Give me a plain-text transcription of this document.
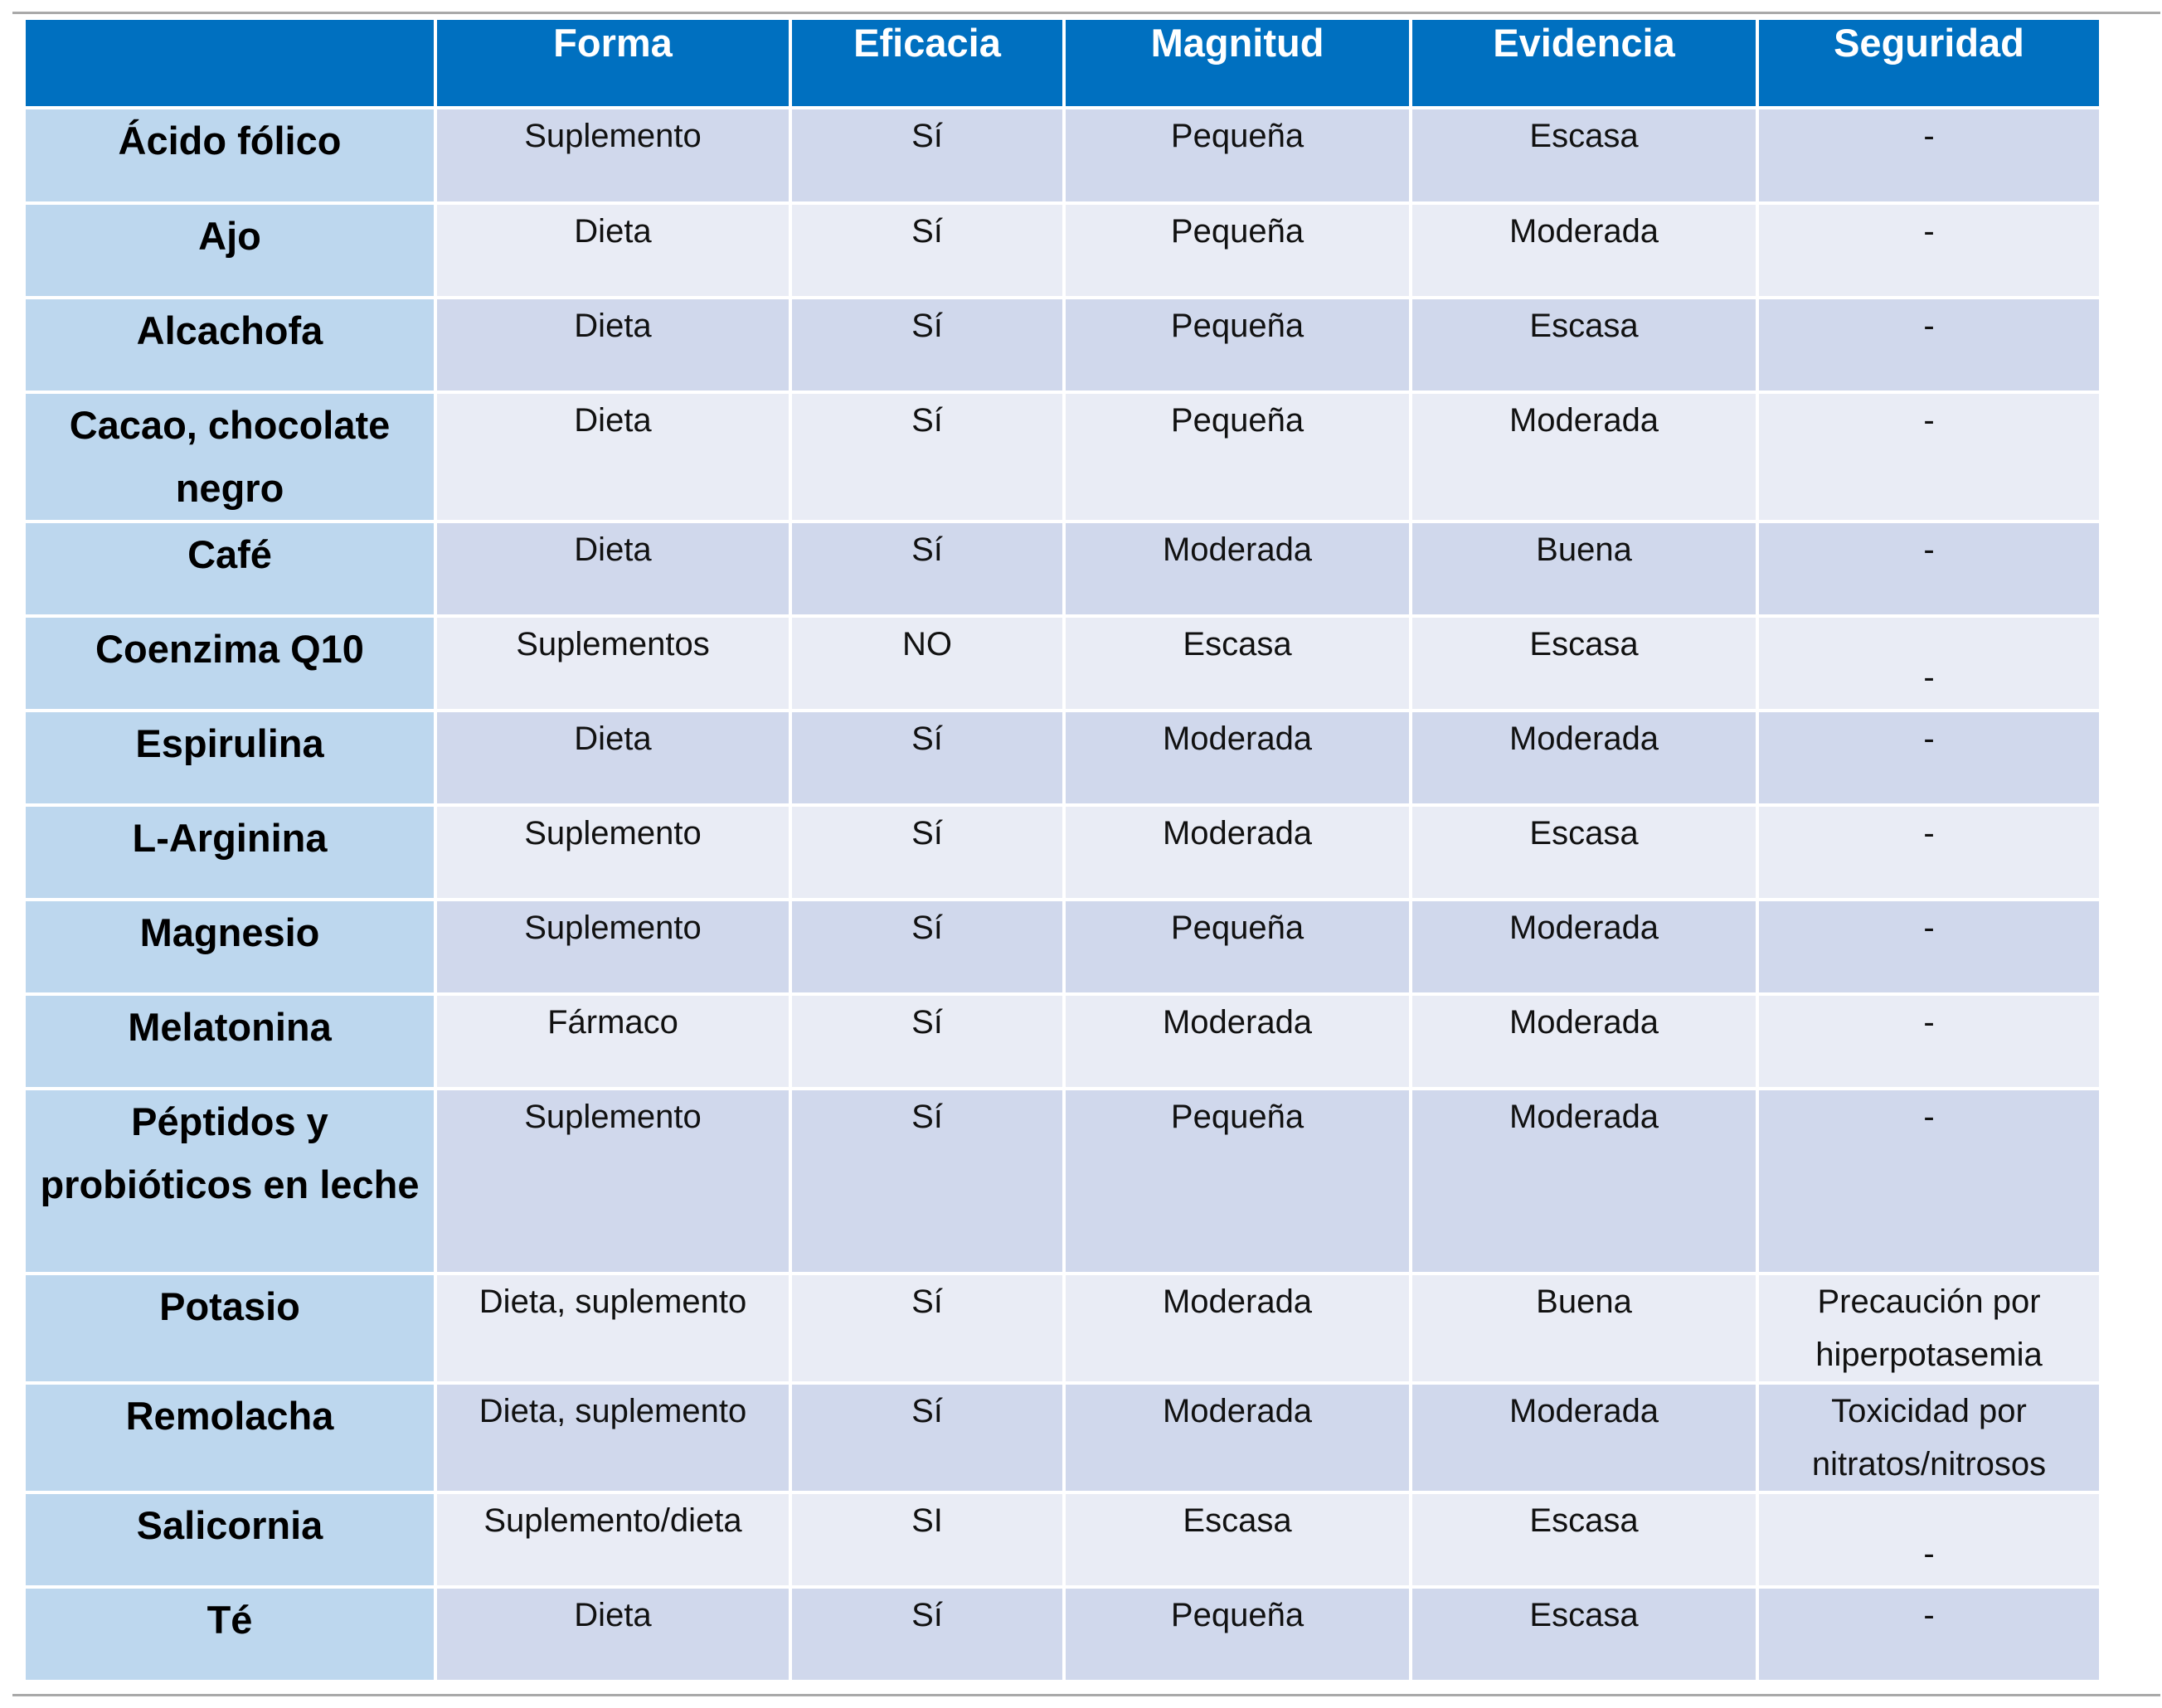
	Forma	Eficacia	Magnitud	Evidencia	Seguridad
Ácido fólico	Suplemento	Sí	Pequeña	Escasa	-
Ajo	Dieta	Sí	Pequeña	Moderada	-
Alcachofa	Dieta	Sí	Pequeña	Escasa	-
Cacao, chocolate negro	Dieta	Sí	Pequeña	Moderada	-
Café	Dieta	Sí	Moderada	Buena	-
Coenzima Q10	Suplementos	NO	Escasa	Escasa	-
Espirulina	Dieta	Sí	Moderada	Moderada	-
L-Arginina	Suplemento	Sí	Moderada	Escasa	-
Magnesio	Suplemento	Sí	Pequeña	Moderada	-
Melatonina	Fármaco	Sí	Moderada	Moderada	-
Péptidos y probióticos en leche	Suplemento	Sí	Pequeña	Moderada	-
Potasio	Dieta, suplemento	Sí	Moderada	Buena	Precaución por hiperpotasemia
Remolacha	Dieta, suplemento	Sí	Moderada	Moderada	Toxicidad por nitratos/nitrosos
Salicornia	Suplemento/dieta	SI	Escasa	Escasa	-
Té	Dieta	Sí	Pequeña	Escasa	-
